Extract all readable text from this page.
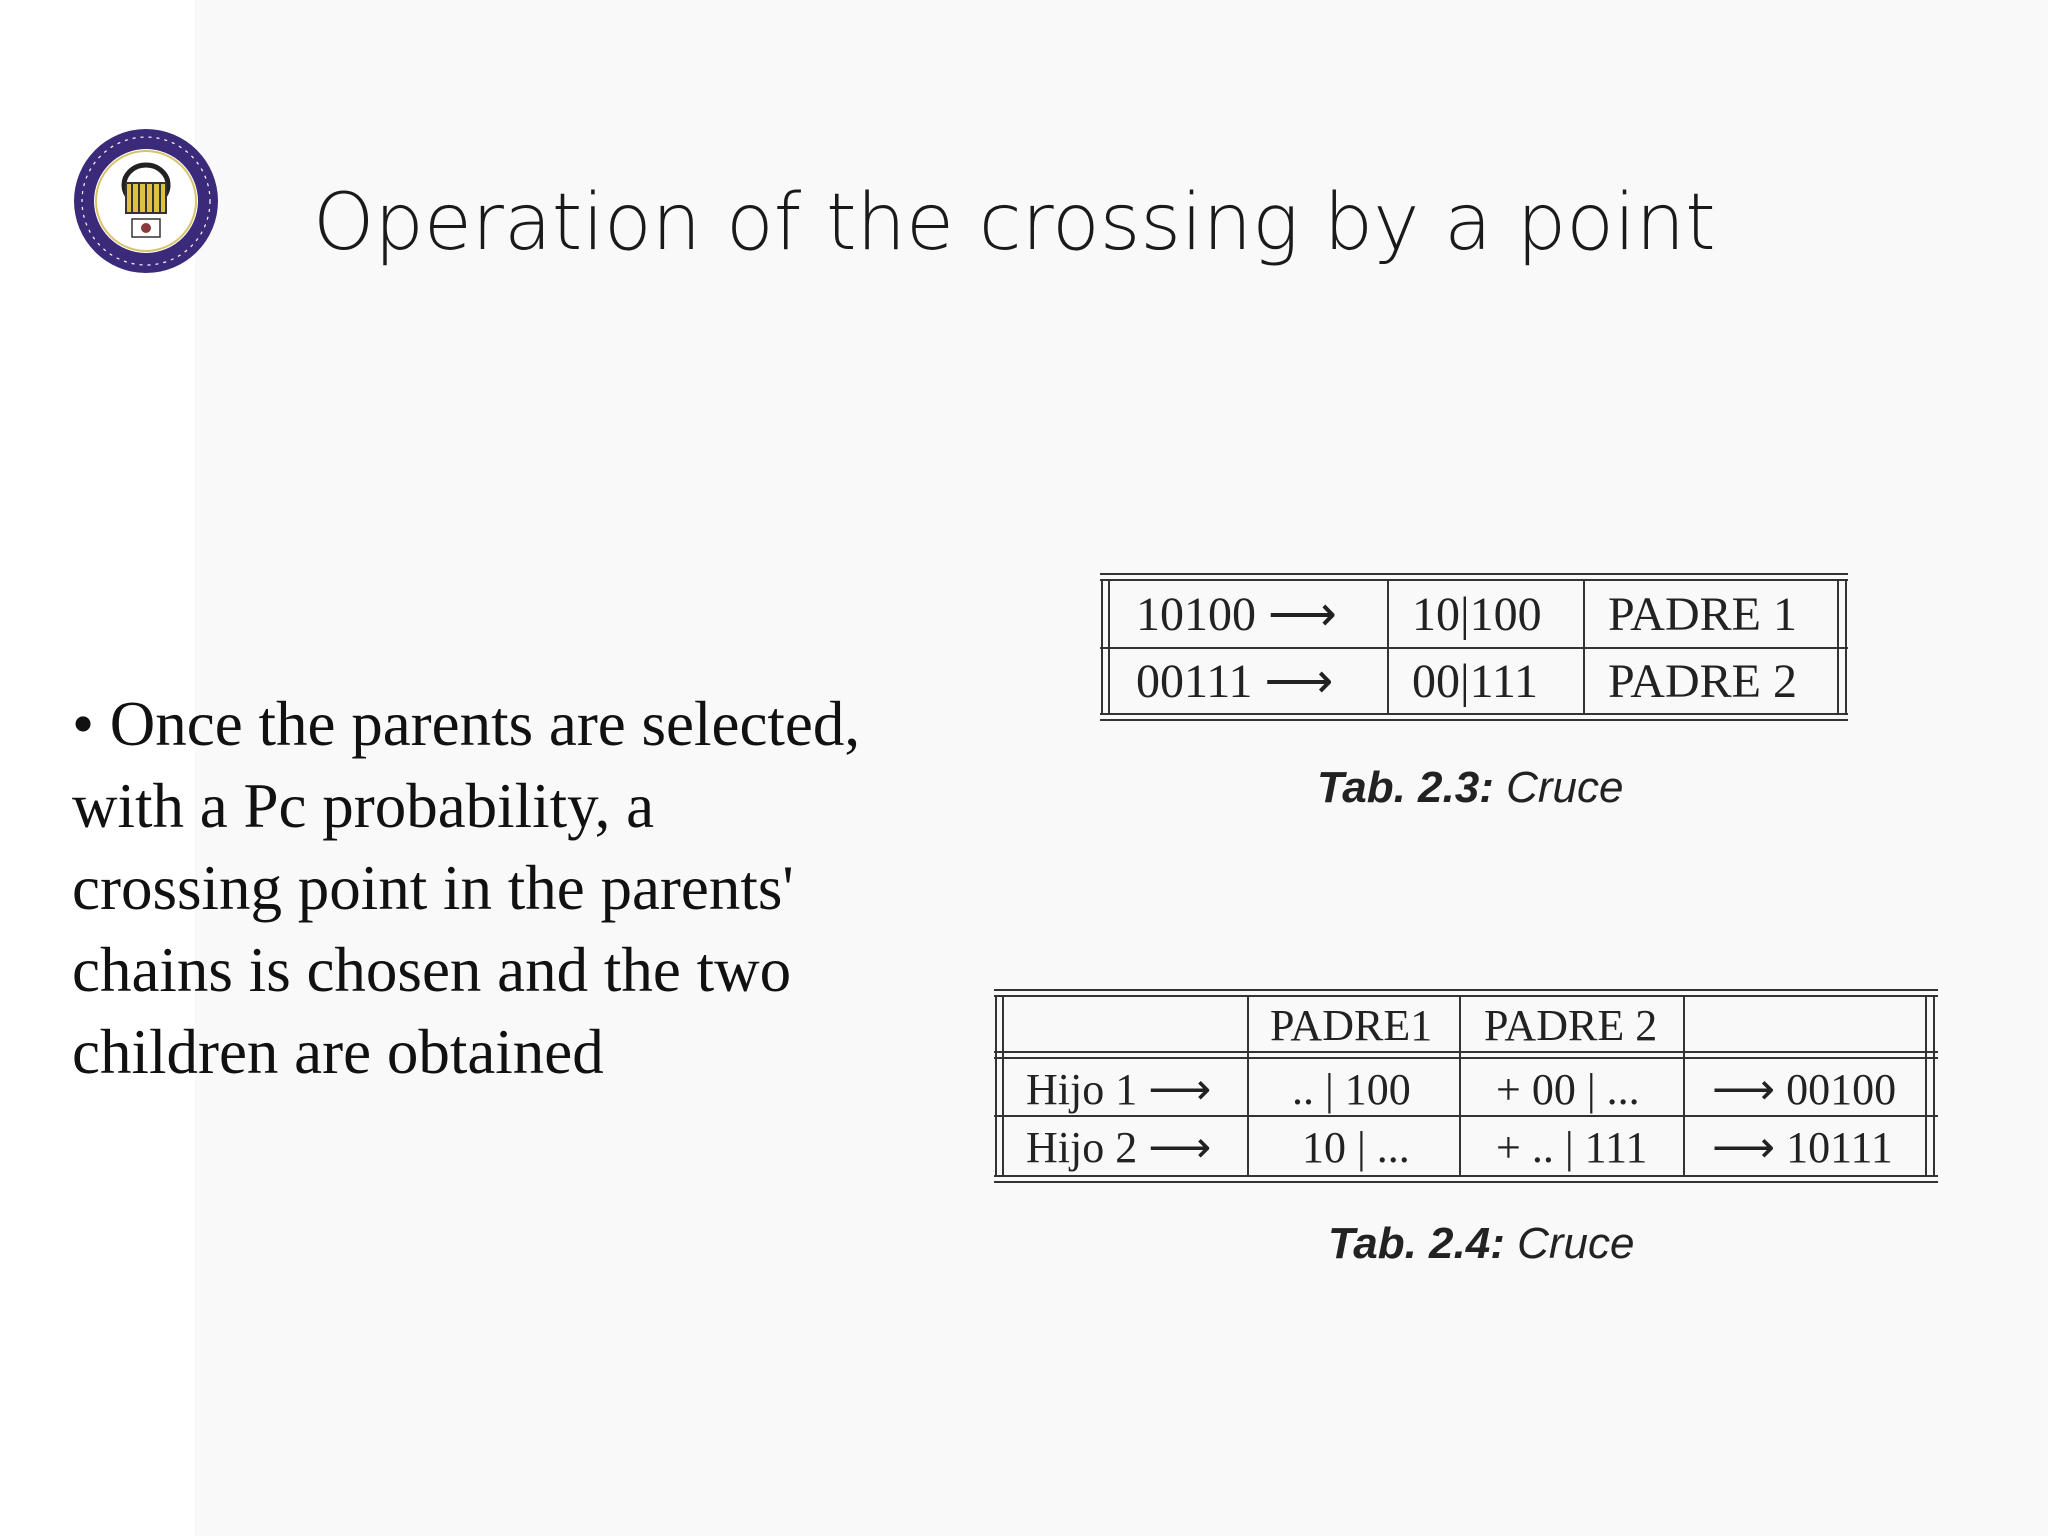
Operation of the crossing by a point
• Once the parents are selected, with a Pc probability, a crossing point in the parents' chains is chosen and the two children are obtained
10100 ⟶ 10|100 PADRE 1
00111 ⟶ 00|111 PADRE 2
Tab. 2.3: Cruce
PADRE1 PADRE 2
Hijo 1 ⟶ .. | 100 + 00 | ... ⟶ 00100
Hijo 2 ⟶ 10 | ... + .. | 111 ⟶ 10111
Tab. 2.4: Cruce
